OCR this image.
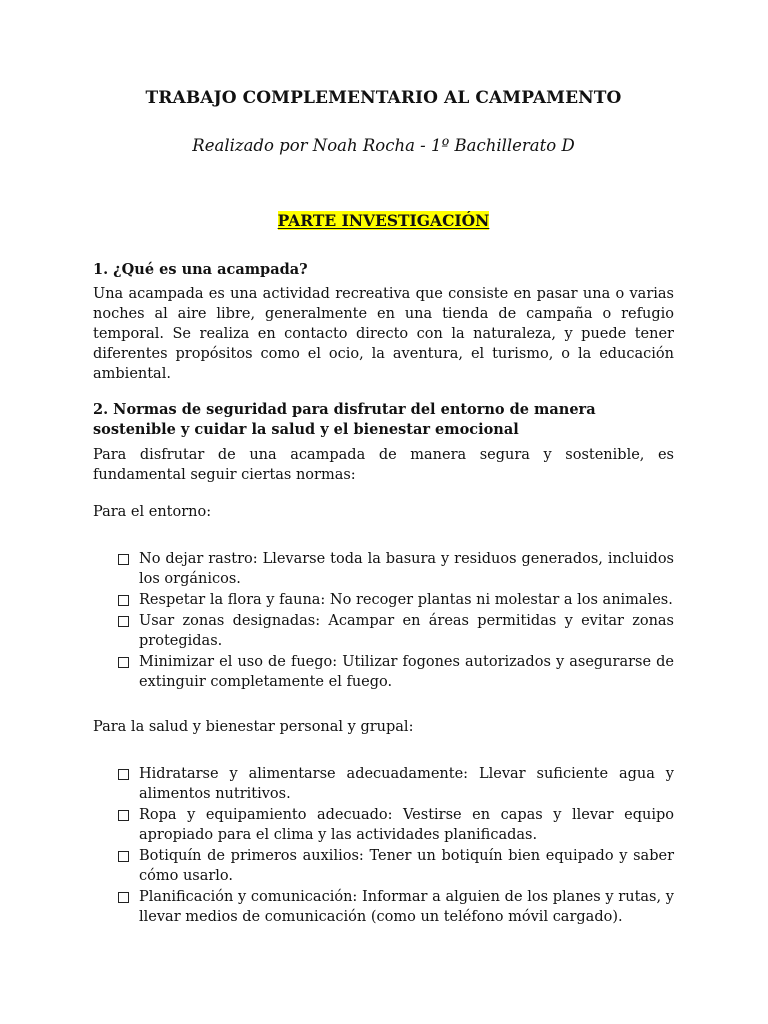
TRABAJO COMPLEMENTARIO AL CAMPAMENTO

Realizado por Noah Rocha - 1º Bachillerato D

PARTE INVESTIGACIÓN

1. ¿Qué es una acampada?

Una acampada es una actividad recreativa que consiste en pasar una o varias noches al aire libre, generalmente en una tienda de campaña o refugio temporal. Se realiza en contacto directo con la naturaleza, y puede tener diferentes propósitos como el ocio, la aventura, el turismo, o la educación ambiental.

2. Normas de seguridad para disfrutar del entorno de manera sostenible y cuidar la salud y el bienestar emocional

Para disfrutar de una acampada de manera segura y sostenible, es fundamental seguir ciertas normas:

Para el entorno:

No dejar rastro: Llevarse toda la basura y residuos generados, incluidos los orgánicos.
Respetar la flora y fauna: No recoger plantas ni molestar a los animales.
Usar zonas designadas: Acampar en áreas permitidas y evitar zonas protegidas.
Minimizar el uso de fuego: Utilizar fogones autorizados y asegurarse de extinguir completamente el fuego.

Para la salud y bienestar personal y grupal:

Hidratarse y alimentarse adecuadamente: Llevar suficiente agua y alimentos nutritivos.
Ropa y equipamiento adecuado: Vestirse en capas y llevar equipo apropiado para el clima y las actividades planificadas.
Botiquín de primeros auxilios: Tener un botiquín bien equipado y saber cómo usarlo.
Planificación y comunicación: Informar a alguien de los planes y rutas, y llevar medios de comunicación (como un teléfono móvil cargado).
